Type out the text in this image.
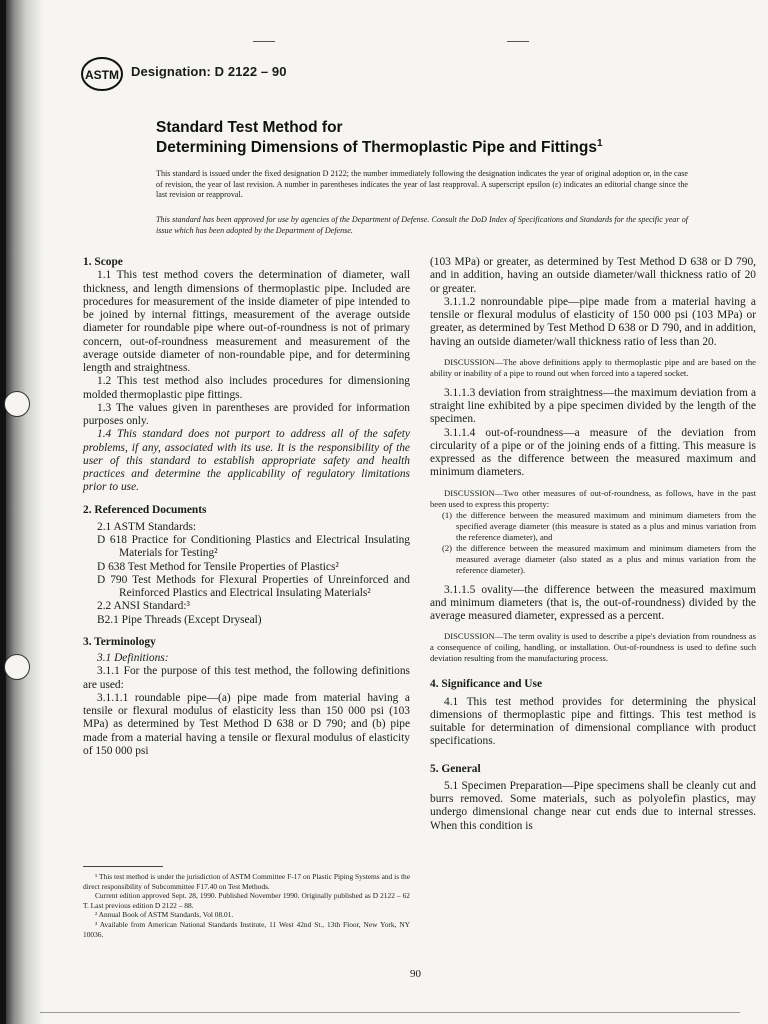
ASTM Designation: D 2122 – 90
Standard Test Method for
Determining Dimensions of Thermoplastic Pipe and Fittings$^1$
This standard is issued under the fixed designation D 2122; the number immediately following the designation indicates the year of original adoption or, in the case of revision, the year of last revision. A number in parentheses indicates the year of last reapproval. A superscript epsilon (ε) indicates an editorial change since the last revision or reapproval.
This standard has been approved for use by agencies of the Department of Defense. Consult the DoD Index of Specifications and Standards for the specific year of issue which has been adopted by the Department of Defense.
1. Scope

1.1 This test method covers the determination of diameter, wall thickness, and length dimensions of thermoplastic pipe. Included are procedures for measurement of the inside diameter of pipe intended to be joined by internal fittings, measurement of the average outside diameter for roundable pipe where out-of-roundness is not of primary concern, out-of-roundness measurement and measurement of the average outside diameter of non-roundable pipe, and for determining length and straightness.

1.2 This test method also includes procedures for dimensioning molded thermoplastic pipe fittings.

1.3 The values given in parentheses are provided for information purposes only.

1.4 This standard does not purport to address all of the safety problems, if any, associated with its use. It is the responsibility of the user of this standard to establish appropriate safety and health practices and determine the applicability of regulatory limitations prior to use.

2. Referenced Documents

2.1 ASTM Standards:

D 618 Practice for Conditioning Plastics and Electrical Insulating Materials for Testing²

D 638 Test Method for Tensile Properties of Plastics²

D 790 Test Methods for Flexural Properties of Unreinforced and Reinforced Plastics and Electrical Insulating Materials²

2.2 ANSI Standard:³

B2.1 Pipe Threads (Except Dryseal)

3. Terminology

3.1 Definitions:

3.1.1 For the purpose of this test method, the following definitions are used:

3.1.1.1 roundable pipe—(a) pipe made from material having a tensile or flexural modulus of elasticity less than 150 000 psi (103 MPa) as determined by Test Method D 638 or D 790; and (b) pipe made from a material having a tensile or flexural modulus of elasticity of 150 000 psi

¹ This test method is under the jurisdiction of ASTM Committee F-17 on Plastic Piping Systems and is the direct responsibility of Subcommittee F17.40 on Test Methods.

Current edition approved Sept. 28, 1990. Published November 1990. Originally published as D 2122 – 62 T. Last previous edition D 2122 – 88.

² Annual Book of ASTM Standards, Vol 08.01.

³ Available from American National Standards Institute, 11 West 42nd St., 13th Floor, New York, NY 10036.

(103 MPa) or greater, as determined by Test Method D 638 or D 790, and in addition, having an outside diameter/wall thickness ratio of 20 or greater.

3.1.1.2 nonroundable pipe—pipe made from a material having a tensile or flexural modulus of elasticity of 150 000 psi (103 MPa) or greater, as determined by Test Method D 638 or D 790, and in addition, having an outside diameter/wall thickness ratio of less than 20.

DISCUSSION—The above definitions apply to thermoplastic pipe and are based on the ability or inability of a pipe to round out when forced into a tapered socket.

3.1.1.3 deviation from straightness—the maximum deviation from a straight line exhibited by a pipe specimen divided by the length of the specimen.

3.1.1.4 out-of-roundness—a measure of the deviation from circularity of a pipe or of the joining ends of a fitting. This measure is expressed as the difference between the measured maximum and minimum diameters.

DISCUSSION—Two other measures of out-of-roundness, as follows, have in the past been used to express this property:

(1) the difference between the measured maximum and minimum diameters from the specified average diameter (this measure is stated as a plus and minus variation from the reference diameter), and

(2) the difference between the measured maximum and minimum diameters from the measured average diameter (also stated as a plus and minus variation from the reference diameter).

3.1.1.5 ovality—the difference between the measured maximum and minimum diameters (that is, the out-of-roundness) divided by the average measured diameter, expressed as a percent.

DISCUSSION—The term ovality is used to describe a pipe's deviation from roundness as a consequence of coiling, handling, or installation. Out-of-roundness is used to define such deviation resulting from the manufacturing process.

4. Significance and Use

4.1 This test method provides for determining the physical dimensions of thermoplastic pipe and fittings. This test method is suitable for determination of dimensional compliance with product specifications.

5. General

5.1 Specimen Preparation—Pipe specimens shall be cleanly cut and burrs removed. Some materials, such as polyolefin plastics, may undergo dimensional change near cut ends due to internal stresses. When this condition is

90
